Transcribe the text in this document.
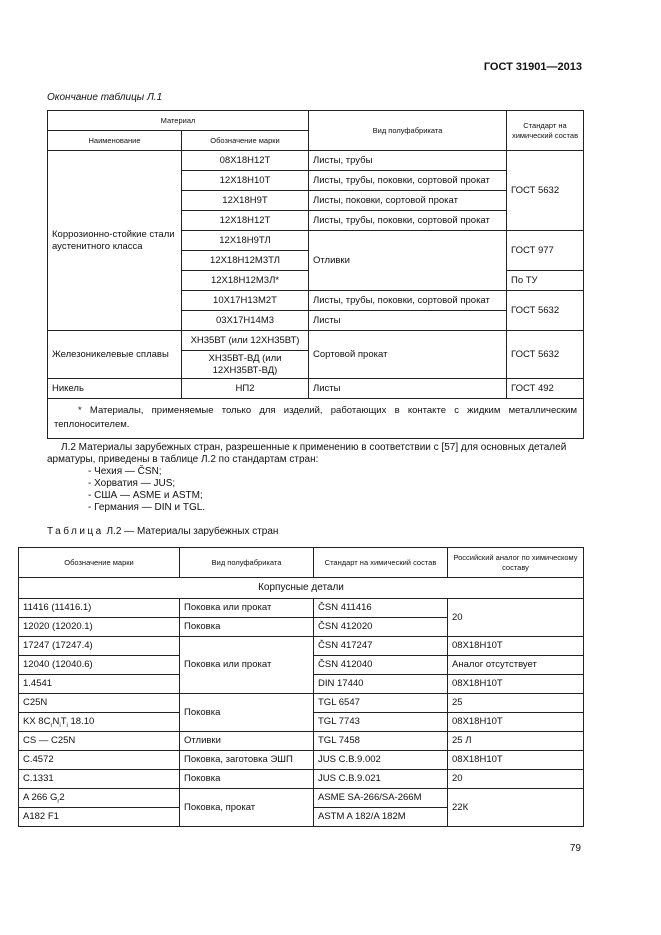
ГОСТ 31901—2013
Окончание таблицы Л.1
Материал		Вид полуфабриката	Стандарт на химический состав
Наименование	Обозначение марки		
Коррозионно-стойкие стали аустенитного класса	08Х18Н12Т	Листы, трубы	ГОСТ 5632
	12Х18Н10Т	Листы, трубы, поковки, сортовой прокат	
	12Х18Н9Т	Листы, поковки, сортовой прокат	
	12Х18Н12Т	Листы, трубы, поковки, сортовой прокат	
	12Х18Н9ТЛ	Отливки	ГОСТ 977
	12Х18Н12М3ТЛ		
	12Х18Н12М3Л*		По ТУ
	10Х17Н13М2Т	Листы, трубы, поковки, сортовой прокат	ГОСТ 5632
	03Х17Н14М3	Листы	
Железоникелевые сплавы	ХН35ВТ (или 12ХН35ВТ)	Сортовой прокат	ГОСТ 5632
	ХН35ВТ-ВД (или 12ХН35ВТ-ВД)		
Никель	НП2	Листы	ГОСТ 492
* Материалы, применяемые только для изделий, работающих в контакте с жидким металлическим теплоносителем.			

Л.2 Материалы зарубежных стран, разрешенные к применению в соответствии с [57] для основных деталей арматуры, приведены в таблице Л.2 по стандартам стран:

- Чехия — ČSN;

- Хорватия — JUS;

- США — ASME и ASTM;

- Германия — DIN и TGL.

Таблица Л.2 — Материалы зарубежных стран
Обозначение марки	Вид полуфабриката	Стандарт на химический состав	Российский аналог по химическому составу
Корпусные детали			
11416 (11416.1)	Поковка или прокат	ČSN 411416	20
12020 (12020.1)	Поковка	ČSN 412020	
17247 (17247.4)	Поковка или прокат	ČSN 417247	08Х18Н10Т
12040 (12040.6)		ČSN 412040	Аналог отсутствует
1.4541		DIN 17440	08Х18Н10Т
C25N	Поковка	TGL 6547	25
KX $8C_rN_iT_i$ 18.10		TGL 7743	08Х18Н10Т
CS — C25N	Отливки	TGL 7458	25 Л
C.4572	Поковка, заготовка ЭШП	JUS C.B.9.002	08Х18Н10Т
C.1331	Поковка	JUS C.B.9.021	20
A 266 $G_r2$	Поковка, прокат	ASME SA-266/SA-266M	22К
A182 F1		ASTM A 182/A 182M	
79
